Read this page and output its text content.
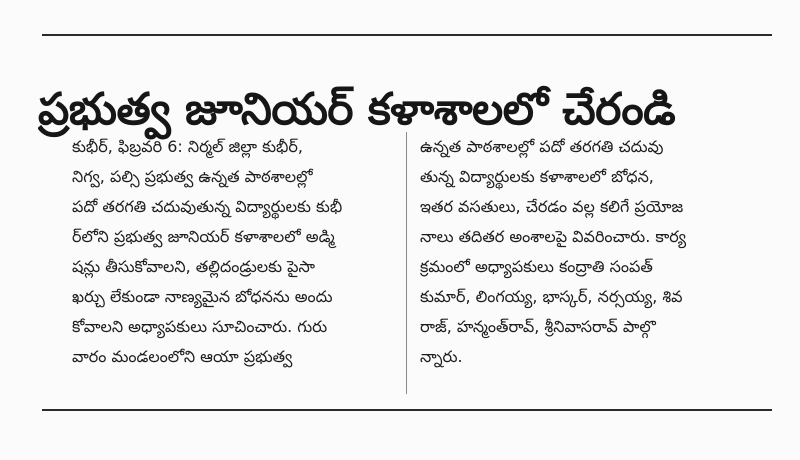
ప్రభుత్వ జూనియర్ కళాశాలలో చేరండి
కుభీర్, ఫిబ్రవరి 6: నిర్మల్ జిల్లా కుభీర్,
నిగ్వ, పల్సి ప్రభుత్వ ఉన్నత పాఠశాలల్లో
పదో తరగతి చదువుతున్న విద్యార్థులకు కుభీ
ర్‌లోని ప్రభుత్వ జూనియర్ కళాశాలలో అడ్మి
షన్లు తీసుకోవాలని, తల్లిదండ్రులకు పైసా
ఖర్చు లేకుండా నాణ్యమైన బోధనను అందు
కోవాలని అధ్యాపకులు సూచించారు. గురు
వారం మండలంలోని ఆయా ప్రభుత్వ
ఉన్నత పాఠశాలల్లో పదో తరగతి చదువు
తున్న విద్యార్థులకు కళాశాలలో బోధన,
ఇతర వసతులు, చేరడం వల్ల కలిగే ప్రయోజ
నాలు తదితర అంశాలపై వివరించారు. కార్య
క్రమంలో అధ్యాపకులు కంద్రాతి సంపత్
కుమార్, లింగయ్య, భాస్కర్, నర్సయ్య, శివ
రాజ్, హన్మంత్‌రావ్, శ్రీనివాసరావ్ పాల్గొ
న్నారు.
